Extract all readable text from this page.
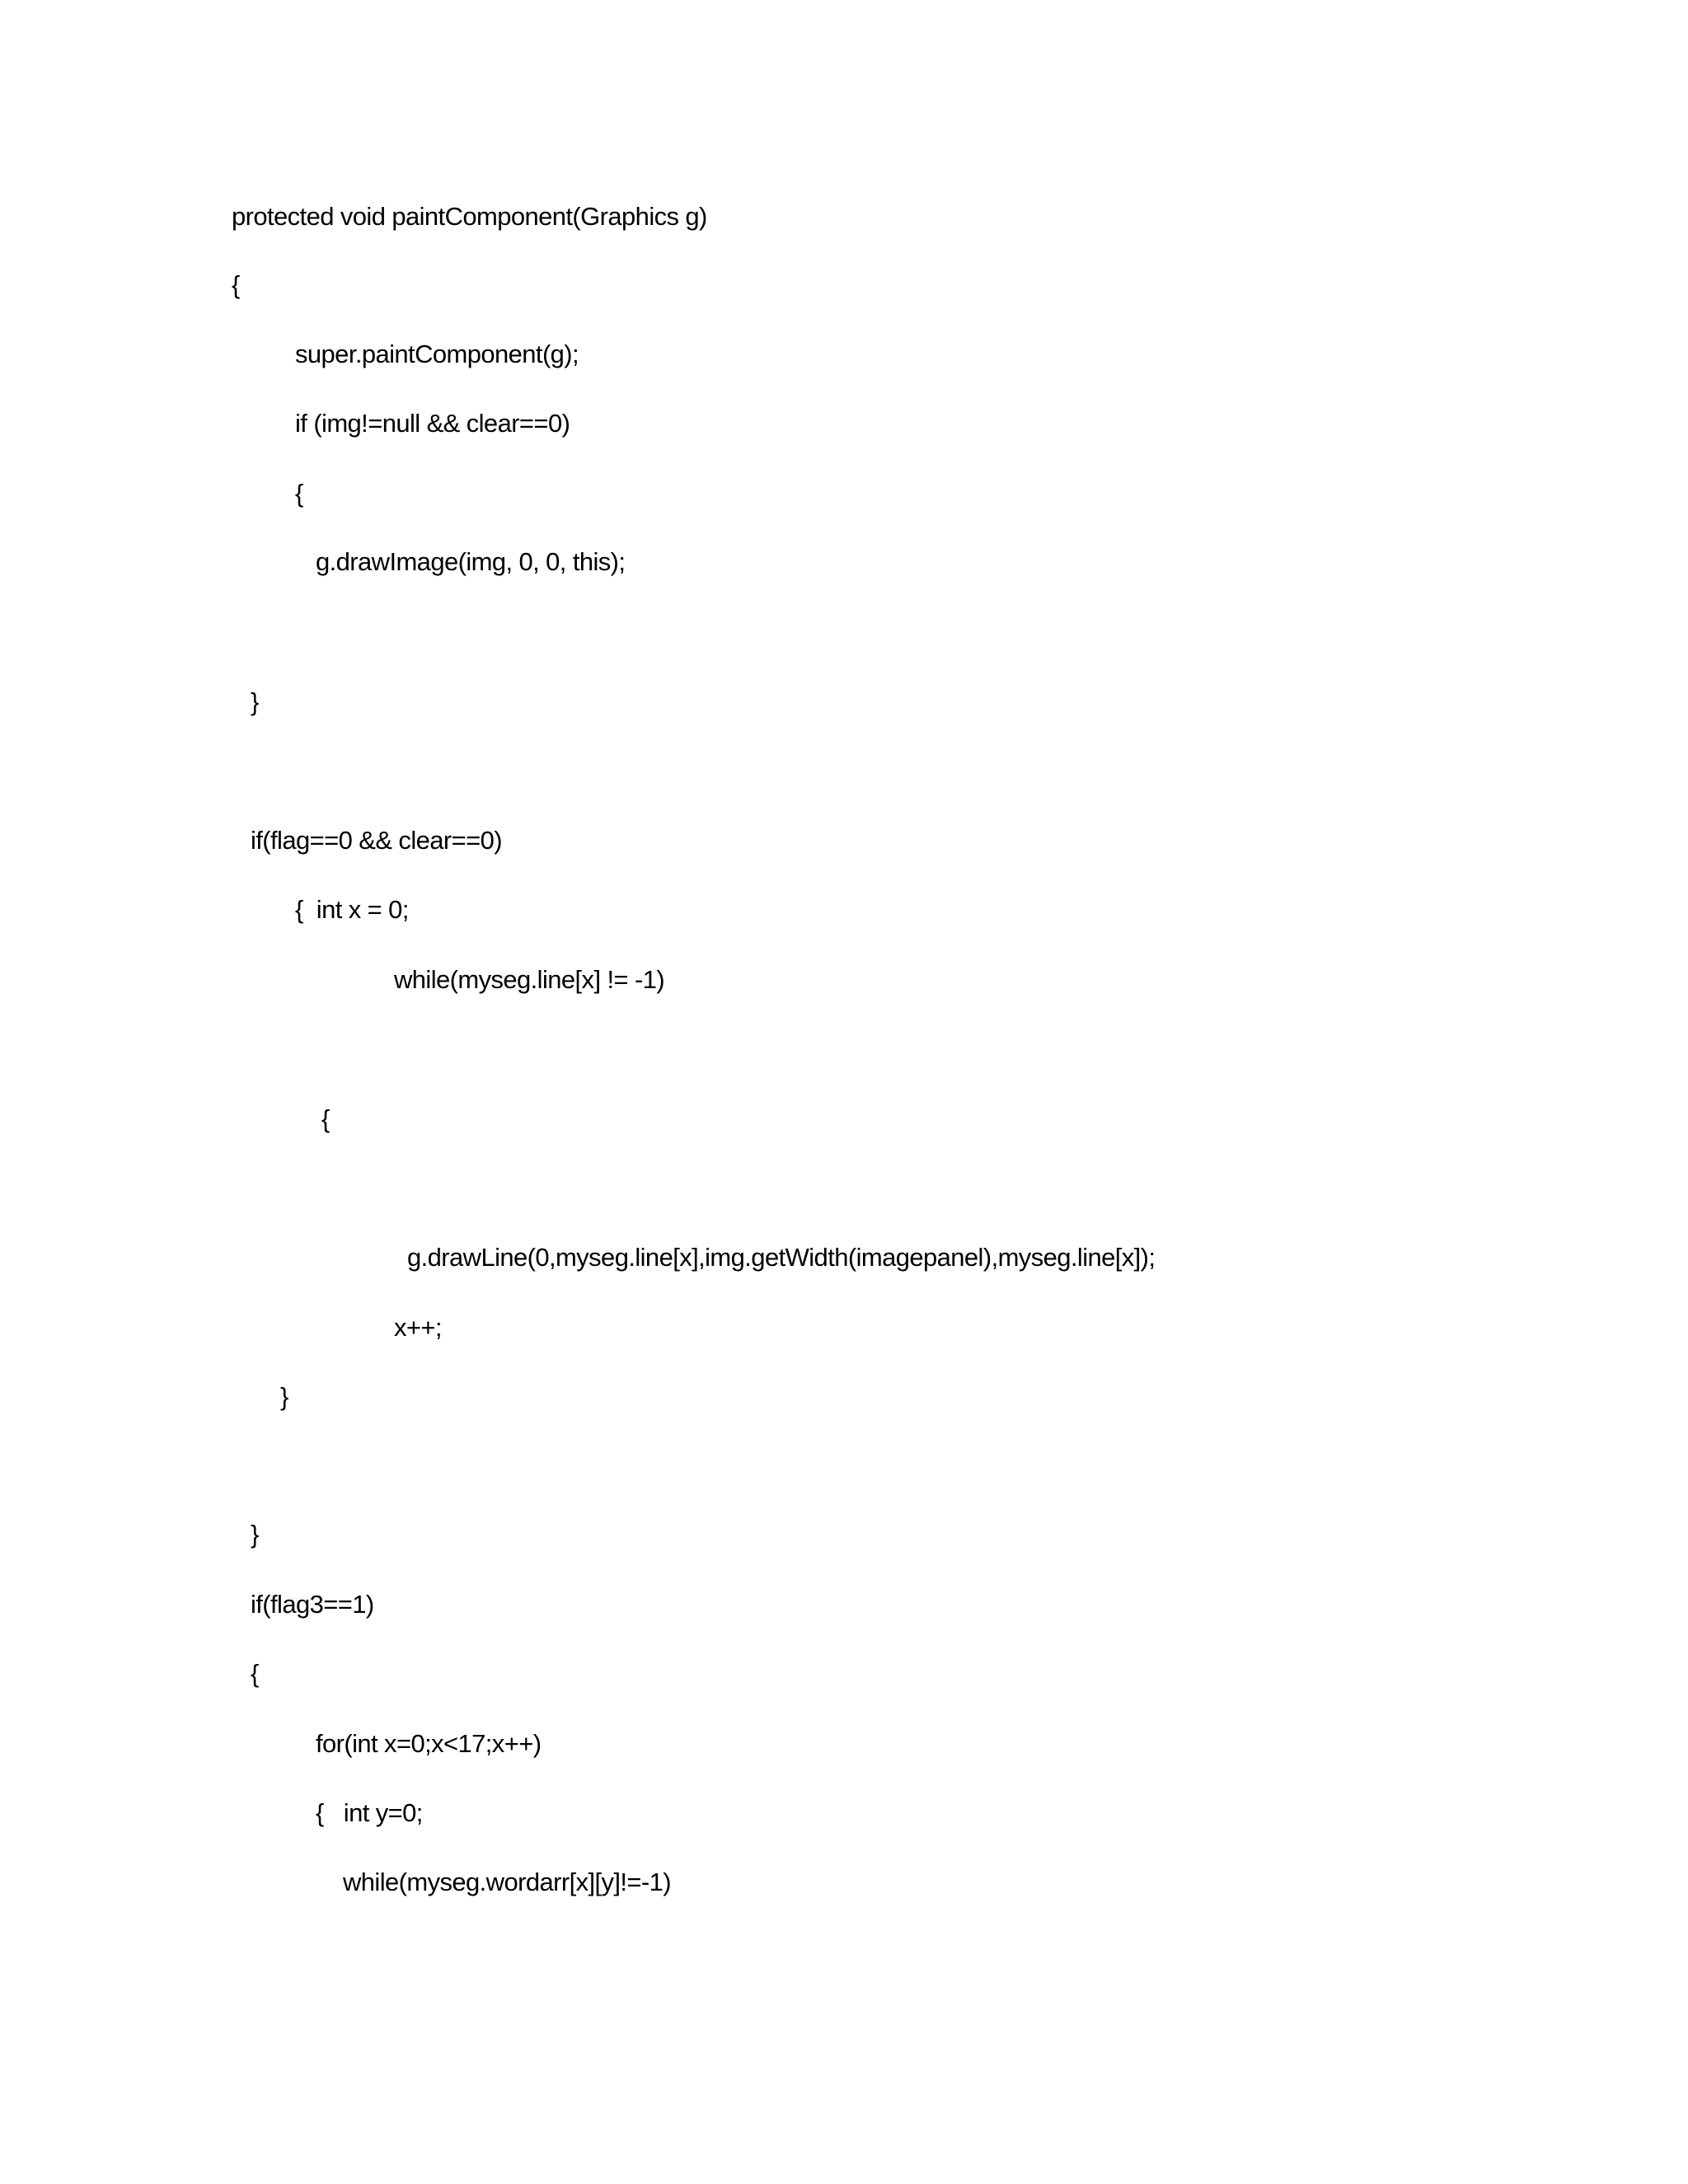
protected void paintComponent(Graphics g)
{
super.paintComponent(g);
if (img!=null && clear==0)
{
g.drawImage(img, 0, 0, this);
}
if(flag==0 && clear==0)
{  int x = 0;
while(myseg.line[x] != -1)
{
g.drawLine(0,myseg.line[x],img.getWidth(imagepanel),myseg.line[x]);
x++;
}
}
if(flag3==1)
{
for(int x=0;x<17;x++)
{   int y=0;
while(myseg.wordarr[x][y]!=-1)
